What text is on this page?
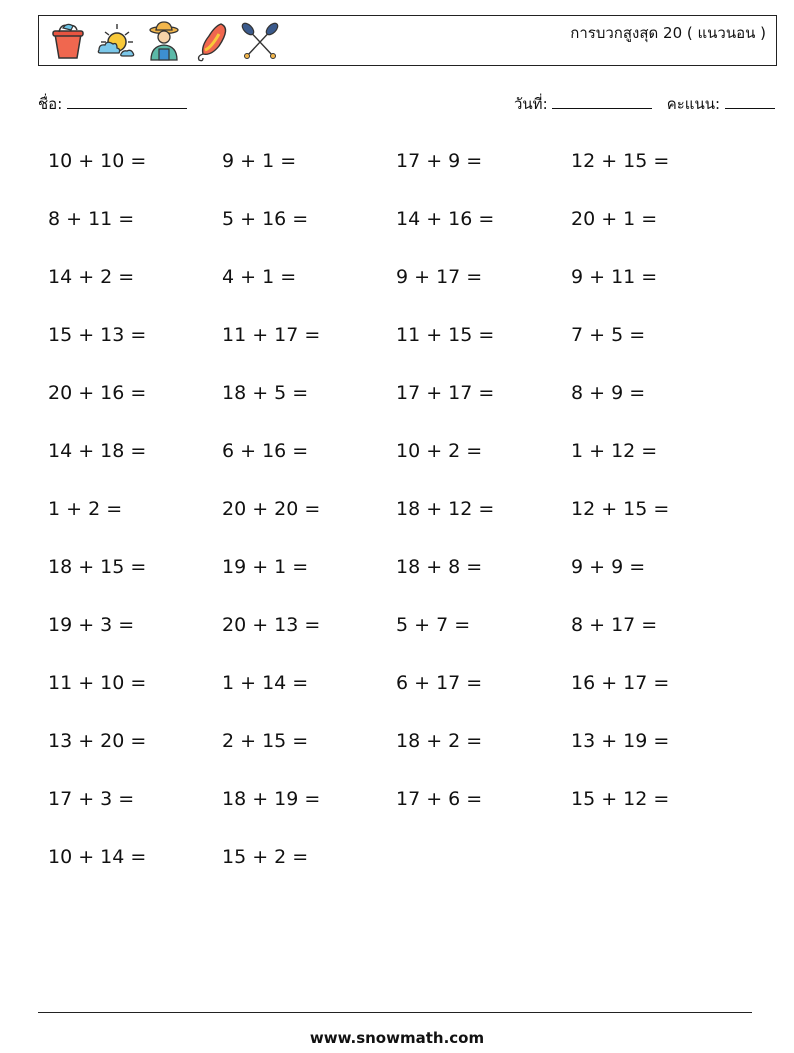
การบวกสูงสุด 20 ( แนวนอน )
ชื่อ:	วันที่:	คะแนน:
10 + 10 =	9 + 1 =	17 + 9 =	12 + 15 =
8 + 11 =	5 + 16 =	14 + 16 =	20 + 1 =
14 + 2 =	4 + 1 =	9 + 17 =	9 + 11 =
15 + 13 =	11 + 17 =	11 + 15 =	7 + 5 =
20 + 16 =	18 + 5 =	17 + 17 =	8 + 9 =
14 + 18 =	6 + 16 =	10 + 2 =	1 + 12 =
1 + 2 =	20 + 20 =	18 + 12 =	12 + 15 =
18 + 15 =	19 + 1 =	18 + 8 =	9 + 9 =
19 + 3 =	20 + 13 =	5 + 7 =	8 + 17 =
11 + 10 =	1 + 14 =	6 + 17 =	16 + 17 =
13 + 20 =	2 + 15 =	18 + 2 =	13 + 19 =
17 + 3 =	18 + 19 =	17 + 6 =	15 + 12 =
10 + 14 =	15 + 2 =
www.snowmath.com
